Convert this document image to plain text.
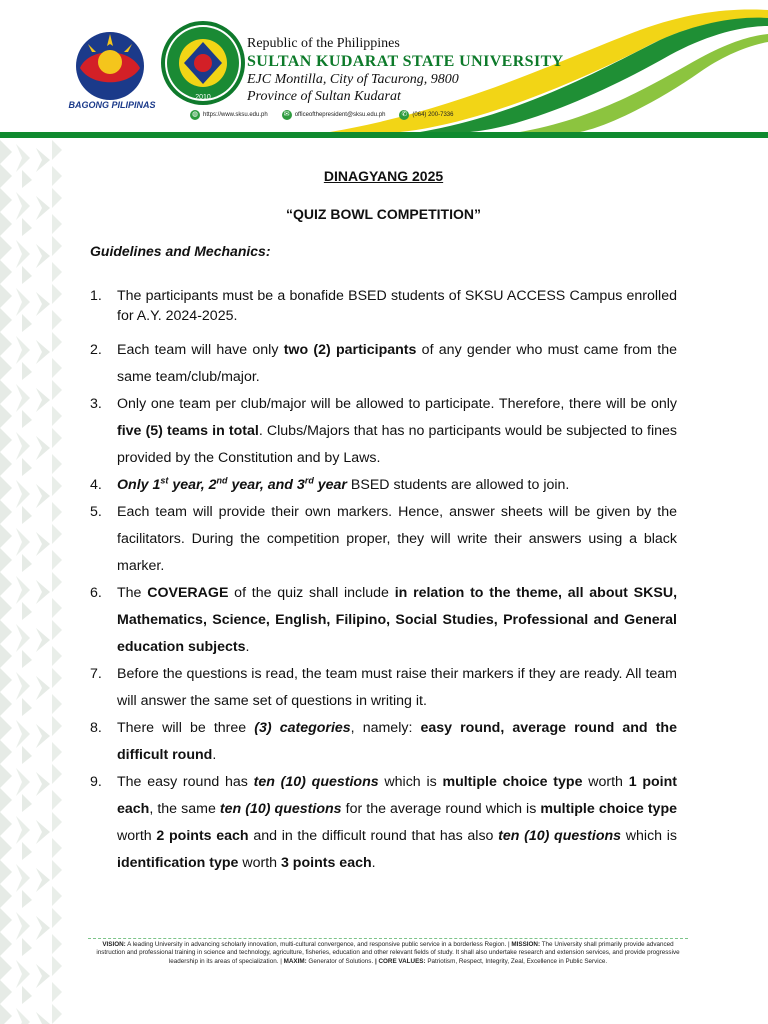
BAGONG PILIPINAS
2010
Republic of the Philippines
SULTAN KUDARAT STATE UNIVERSITY
EJC Montilla, City of Tacurong, 9800
Province of Sultan Kudarat
◍ https://www.sksu.edu.ph ✉ officeofthepresident@sksu.edu.ph ✆ (064) 200-7336
DINAGYANG 2025
“QUIZ BOWL COMPETITION”
Guidelines and Mechanics:
1. The participants must be a bonafide BSED students of SKSU ACCESS Campus enrolled for A.Y. 2024-2025.
2. Each team will have only two (2) participants of any gender who must came from the same team/club/major.
3. Only one team per club/major will be allowed to participate. Therefore, there will be only five (5) teams in total. Clubs/Majors that has no participants would be subjected to fines provided by the Constitution and by Laws.
4. Only 1st year, 2nd year, and 3rd year BSED students are allowed to join.
5. Each team will provide their own markers. Hence, answer sheets will be given by the facilitators. During the competition proper, they will write their answers using a black marker.
6. The COVERAGE of the quiz shall include in relation to the theme, all about SKSU, Mathematics, Science, English, Filipino, Social Studies, Professional and General education subjects.
7. Before the questions is read, the team must raise their markers if they are ready. All team will answer the same set of questions in writing it.
8. There will be three (3) categories, namely: easy round, average round and the difficult round.
9. The easy round has ten (10) questions which is multiple choice type worth 1 point each, the same ten (10) questions for the average round which is multiple choice type worth 2 points each and in the difficult round that has also ten (10) questions which is identification type worth 3 points each.
VISION: A leading University in advancing scholarly innovation, multi-cultural convergence, and responsive public service in a borderless Region. | MISSION: The University shall primarily provide advanced instruction and professional training in science and technology, agriculture, fisheries, education and other relevant fields of study. It shall also undertake research and extension services, and provide progressive leadership in its areas of specialization. | MAXIM: Generator of Solutions. | CORE VALUES: Patriotism, Respect, Integrity, Zeal, Excellence in Public Service.
